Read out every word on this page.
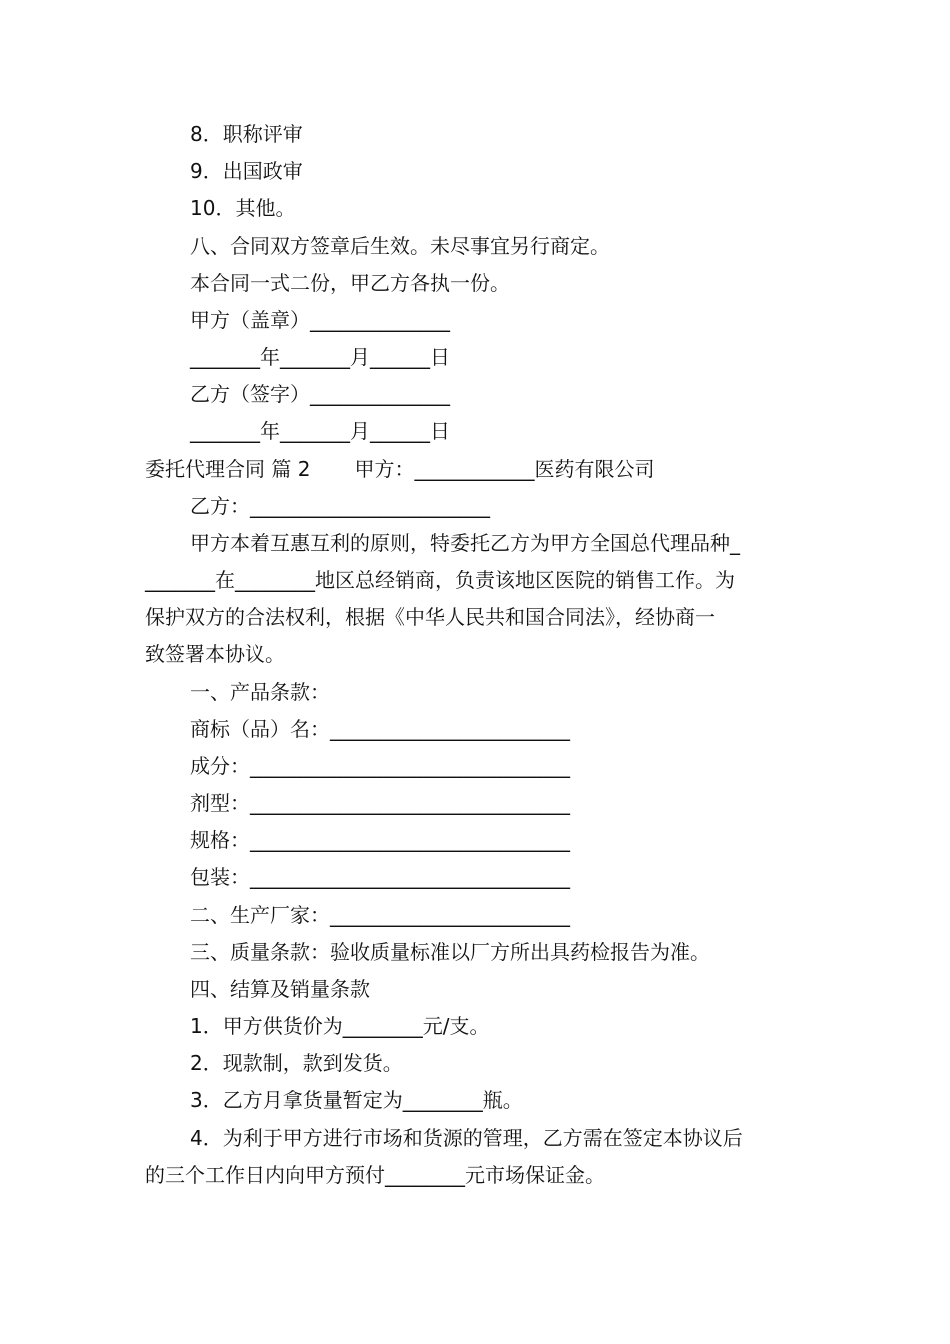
8．职称评审
9．出国政审
10．其他。
八、合同双方签章后生效。未尽事宜另行商定。
本合同一式二份，甲乙方各执一份。
甲方（盖章）______________
_______年_______月______日
乙方（签字）______________
_______年_______月______日
委托代理合同 篇 2 甲方：____________医药有限公司
乙方：________________________
甲方本着互惠互利的原则，特委托乙方为甲方全国总代理品种_
_______在________地区总经销商，负责该地区医院的销售工作。为
保护双方的合法权利，根据《中华人民共和国合同法》，经协商一
致签署本协议。
一、产品条款：
商标（品）名：________________________
成分：________________________________
剂型：________________________________
规格：________________________________
包装：________________________________
二、生产厂家：________________________
三、质量条款：验收质量标准以厂方所出具药检报告为准。
四、结算及销量条款
1．甲方供货价为________元/支。
2．现款制，款到发货。
3．乙方月拿货量暂定为________瓶。
4．为利于甲方进行市场和货源的管理，乙方需在签定本协议后
的三个工作日内向甲方预付________元市场保证金。
